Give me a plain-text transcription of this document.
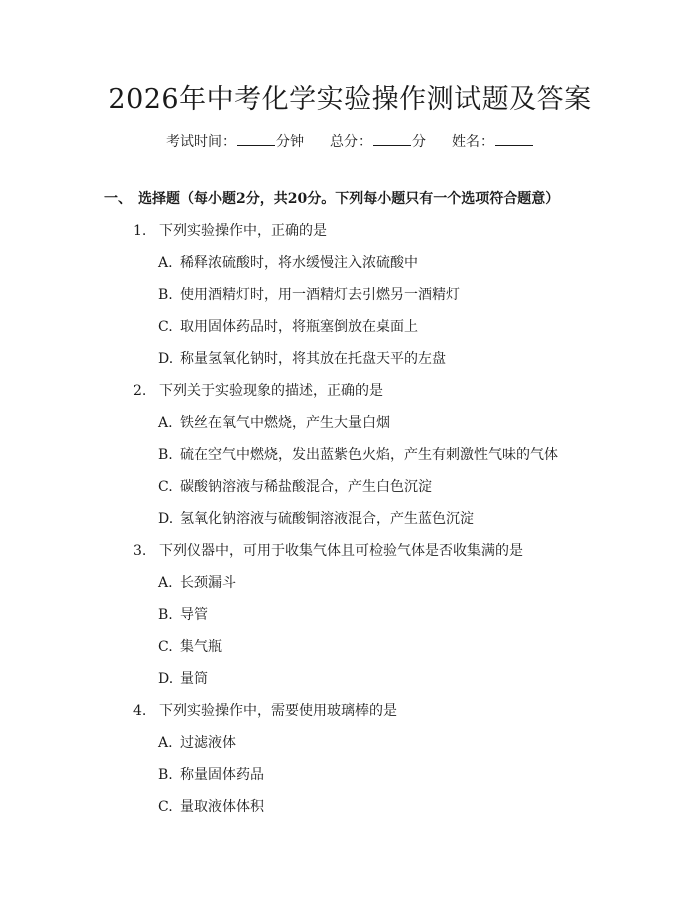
2026年中考化学实验操作测试题及答案
考试时间：	分钟 总分：	分 姓名：
一、 选择题（每小题2分，共20分。下列每小题只有一个选项符合题意）
1. 下列实验操作中，正确的是
A. 稀释浓硫酸时，将水缓慢注入浓硫酸中
B. 使用酒精灯时，用一酒精灯去引燃另一酒精灯
C. 取用固体药品时，将瓶塞倒放在桌面上
D. 称量氢氧化钠时，将其放在托盘天平的左盘
2. 下列关于实验现象的描述，正确的是
A. 铁丝在氧气中燃烧，产生大量白烟
B. 硫在空气中燃烧，发出蓝紫色火焰，产生有刺激性气味的气体
C. 碳酸钠溶液与稀盐酸混合，产生白色沉淀
D. 氢氧化钠溶液与硫酸铜溶液混合，产生蓝色沉淀
3. 下列仪器中，可用于收集气体且可检验气体是否收集满的是
A. 长颈漏斗
B. 导管
C. 集气瓶
D. 量筒
4. 下列实验操作中，需要使用玻璃棒的是
A. 过滤液体
B. 称量固体药品
C. 量取液体体积
